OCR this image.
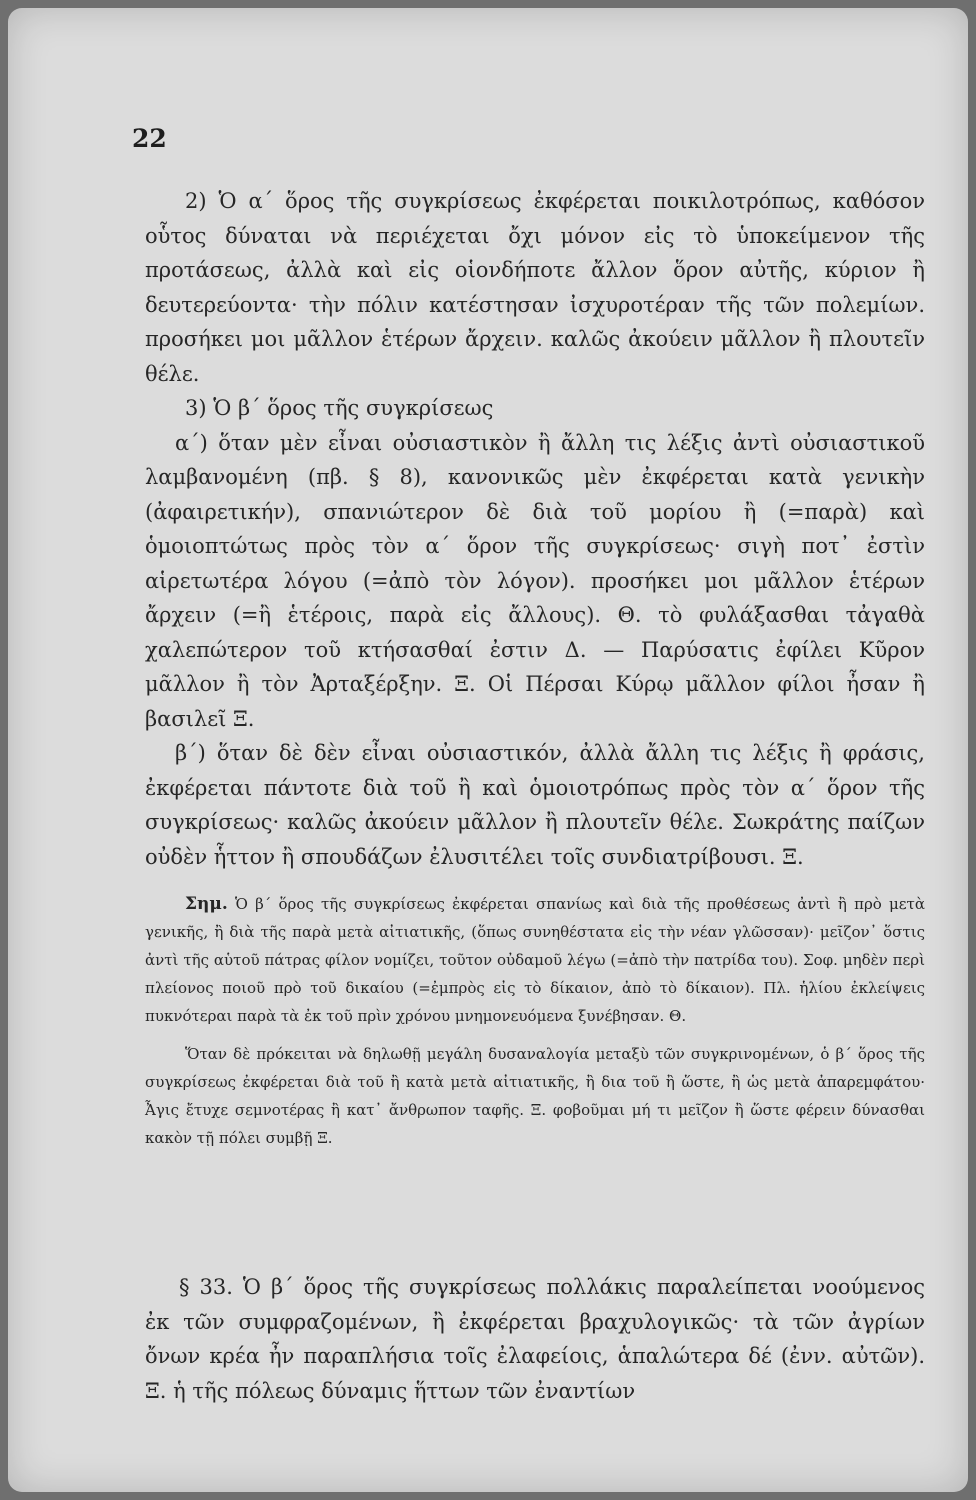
22

2) Ὁ α´ ὅρος τῆς συγκρίσεως ἐκφέρεται ποικιλοτρόπως, καθόσον οὗτος δύναται νὰ περιέχεται ὄχι μόνον εἰς τὸ ὑποκείμενον τῆς προτάσεως, ἀλλὰ καὶ εἰς οἱονδήποτε ἄλλον ὅρον αὐτῆς, κύριον ἢ δευτερεύοντα· τὴν πόλιν κατέστησαν ἰσχυροτέραν τῆς τῶν πολεμίων. προσήκει μοι μᾶλλον ἑτέρων ἄρχειν. καλῶς ἀκούειν μᾶλλον ἢ πλουτεῖν θέλε.

3) Ὁ β´ ὅρος τῆς συγκρίσεως

α´) ὅταν μὲν εἶναι οὐσιαστικὸν ἢ ἄλλη τις λέξις ἀντὶ οὐσιαστικοῦ λαμβανομένη (πβ. § 8), κανονικῶς μὲν ἐκφέρεται κατὰ γενικὴν (ἀφαιρετικήν), σπανιώτερον δὲ διὰ τοῦ μορίου ἢ (=παρὰ) καὶ ὁμοιοπτώτως πρὸς τὸν α´ ὅρον τῆς συγκρίσεως· σιγὴ ποτ᾽ ἐστὶν αἱρετωτέρα λόγου (=ἀπὸ τὸν λόγον). προσήκει μοι μᾶλλον ἑτέρων ἄρχειν (=ἢ ἑτέροις, παρὰ εἰς ἄλλους). Θ. τὸ φυλάξασθαι τἀγαθὰ χαλεπώτερον τοῦ κτήσασθαί ἐστιν Δ. — Παρύσατις ἐφίλει Κῦρον μᾶλλον ἢ τὸν Ἀρταξέρξην. Ξ. Οἱ Πέρσαι Κύρῳ μᾶλλον φίλοι ἦσαν ἢ βασιλεῖ Ξ.

β´) ὅταν δὲ δὲν εἶναι οὐσιαστικόν, ἀλλὰ ἄλλη τις λέξις ἢ φράσις, ἐκφέρεται πάντοτε διὰ τοῦ ἢ καὶ ὁμοιοτρόπως πρὸς τὸν α´ ὅρον τῆς συγκρίσεως· καλῶς ἀκούειν μᾶλλον ἢ πλουτεῖν θέλε. Σωκράτης παίζων οὐδὲν ἧττον ἢ σπουδάζων ἐλυσιτέλει τοῖς συνδιατρίβουσι. Ξ.

Σημ. Ὁ β´ ὅρος τῆς συγκρίσεως ἐκφέρεται σπανίως καὶ διὰ τῆς προθέσεως ἀντὶ ἢ πρὸ μετὰ γενικῆς, ἢ διὰ τῆς παρὰ μετὰ αἰτιατικῆς, (ὅπως συνηθέστατα εἰς τὴν νέαν γλῶσσαν)· μεῖζον᾽ ὅστις ἀντὶ τῆς αὑτοῦ πάτρας φίλον νομίζει, τοῦτον οὐδαμοῦ λέγω (=ἀπὸ τὴν πατρίδα του). Σοφ. μηδὲν περὶ πλείονος ποιοῦ πρὸ τοῦ δικαίου (=ἐμπρὸς εἰς τὸ δίκαιον, ἀπὸ τὸ δίκαιον). Πλ. ἡλίου ἐκλείψεις πυκνότεραι παρὰ τὰ ἐκ τοῦ πρὶν χρόνου μνημονευόμενα ξυνέβησαν. Θ.

Ὅταν δὲ πρόκειται νὰ δηλωθῇ μεγάλη δυσαναλογία μεταξὺ τῶν συγκρινομένων, ὁ β´ ὅρος τῆς συγκρίσεως ἐκφέρεται διὰ τοῦ ἢ κατὰ μετὰ αἰτιατικῆς, ἢ δια τοῦ ἢ ὥστε, ἢ ὡς μετὰ ἀπαρεμφάτου· Ἆγις ἔτυχε σεμνοτέρας ἢ κατ᾽ ἄνθρωπον ταφῆς. Ξ. φοβοῦμαι μή τι μεῖζον ἢ ὥστε φέρειν δύνασθαι κακὸν τῇ πόλει συμβῇ Ξ.

§ 33. Ὁ β´ ὅρος τῆς συγκρίσεως πολλάκις παραλείπεται νοούμενος ἐκ τῶν συμφραζομένων, ἢ ἐκφέρεται βραχυλογικῶς· τὰ τῶν ἀγρίων ὄνων κρέα ἦν παραπλήσια τοῖς ἐλαφείοις, ἁπαλώτερα δέ (ἐνν. αὐτῶν). Ξ. ἡ τῆς πόλεως δύναμις ἥττων τῶν ἐναντίων
